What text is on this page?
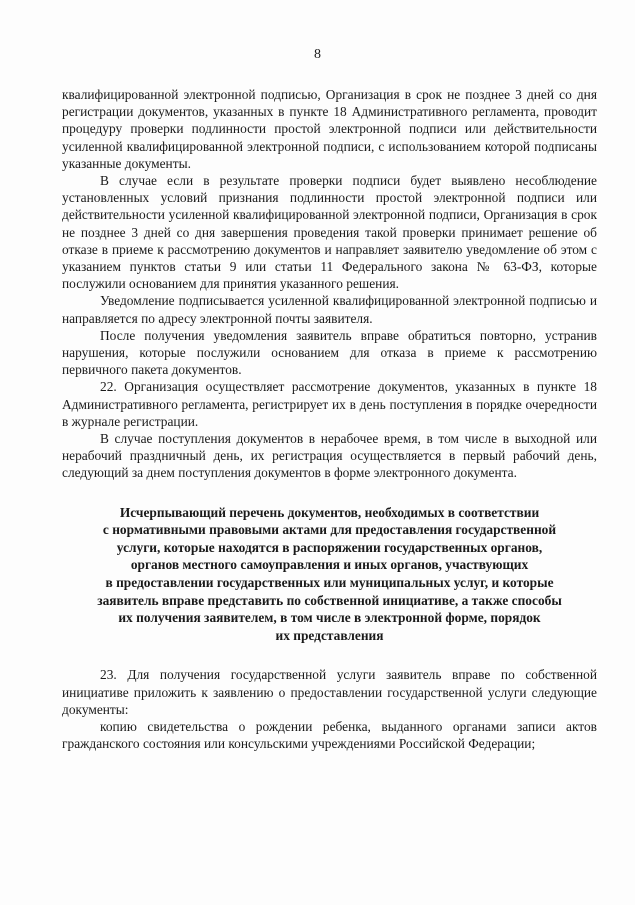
8

квалифицированной электронной подписью, Организация в срок не позднее 3 дней со дня регистрации документов, указанных в пункте 18 Административного регламента, проводит процедуру проверки подлинности простой электронной подписи или действительности усиленной квалифицированной электронной подписи, с использованием которой подписаны указанные документы.

В случае если в результате проверки подписи будет выявлено несоблюдение установленных условий признания подлинности простой электронной подписи или действительности усиленной квалифицированной электронной подписи, Организация в срок не позднее 3 дней со дня завершения проведения такой проверки принимает решение об отказе в приеме к рассмотрению документов и направляет заявителю уведомление об этом с указанием пунктов статьи 9 или статьи 11 Федерального закона № 63-ФЗ, которые послужили основанием для принятия указанного решения.

Уведомление подписывается усиленной квалифицированной электронной подписью и направляется по адресу электронной почты заявителя.

После получения уведомления заявитель вправе обратиться повторно, устранив нарушения, которые послужили основанием для отказа в приеме к рассмотрению первичного пакета документов.

22. Организация осуществляет рассмотрение документов, указанных в пункте 18 Административного регламента, регистрирует их в день поступления в порядке очередности в журнале регистрации.

В случае поступления документов в нерабочее время, в том числе в выходной или нерабочий праздничный день, их регистрация осуществляется в первый рабочий день, следующий за днем поступления документов в форме электронного документа.

Исчерпывающий перечень документов, необходимых в соответствии
с нормативными правовыми актами для предоставления государственной
услуги, которые находятся в распоряжении государственных органов,
органов местного самоуправления и иных органов, участвующих
в предоставлении государственных или муниципальных услуг, и которые
заявитель вправе представить по собственной инициативе, а также способы
их получения заявителем, в том числе в электронной форме, порядок
их представления

23. Для получения государственной услуги заявитель вправе по собственной инициативе приложить к заявлению о предоставлении государственной услуги следующие документы:

копию свидетельства о рождении ребенка, выданного органами записи актов гражданского состояния или консульскими учреждениями Российской Федерации;
